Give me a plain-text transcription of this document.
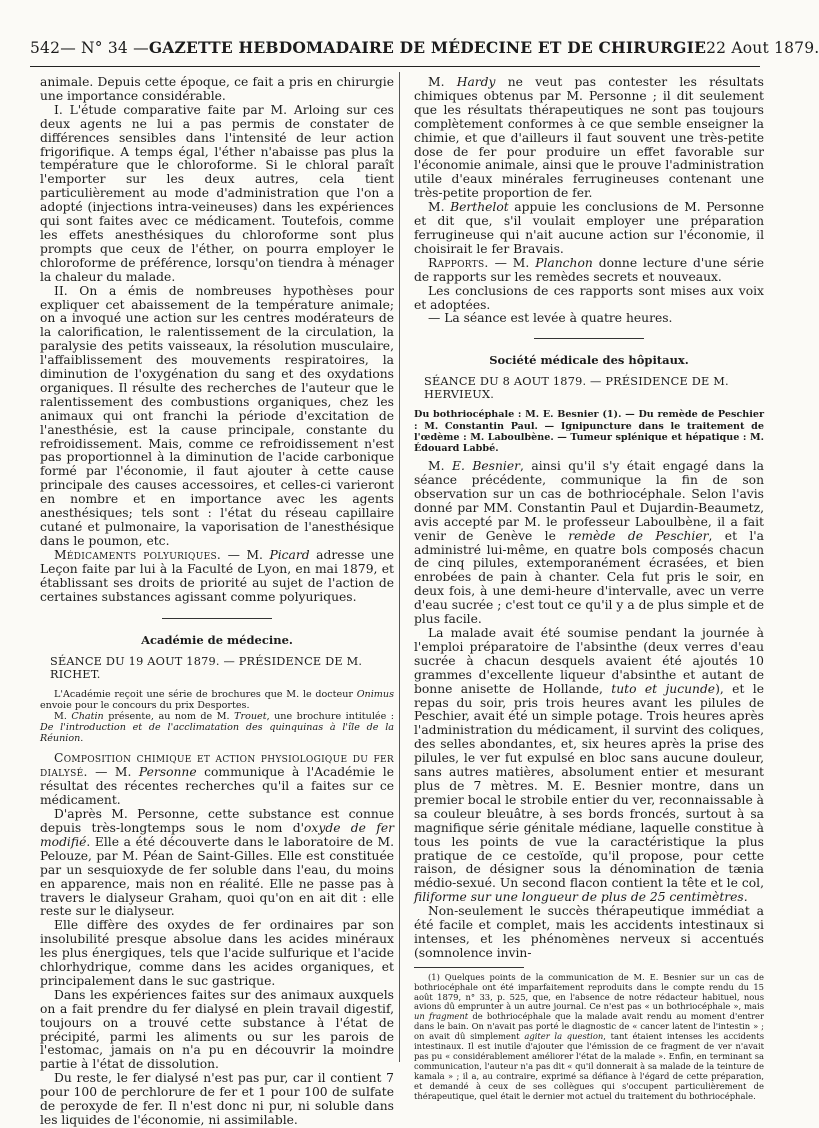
542 — N° 34 — GAZETTE HEBDOMADAIRE DE MÉDECINE ET DE CHIRURGIE 22 Aout 1879.

animale. Depuis cette époque, ce fait a pris en chirurgie une importance considérable.

I. L'étude comparative faite par M. Arloing sur ces deux agents ne lui a pas permis de constater de différences sensibles dans l'intensité de leur action frigorifique. A temps égal, l'éther n'abaisse pas plus la température que le chloroforme. Si le chloral paraît l'emporter sur les deux autres, cela tient particulièrement au mode d'administration que l'on a adopté (injections intra-veineuses) dans les expériences qui sont faites avec ce médicament. Toutefois, comme les effets anesthésiques du chloroforme sont plus prompts que ceux de l'éther, on pourra employer le chloroforme de préférence, lorsqu'on tiendra à ménager la chaleur du malade.

II. On a émis de nombreuses hypothèses pour expliquer cet abaissement de la température animale; on a invoqué une action sur les centres modérateurs de la calorification, le ralentissement de la circulation, la paralysie des petits vaisseaux, la résolution musculaire, l'affaiblissement des mouvements respiratoires, la diminution de l'oxygénation du sang et des oxydations organiques. Il résulte des recherches de l'auteur que le ralentissement des combustions organiques, chez les animaux qui ont franchi la période d'excitation de l'anesthésie, est la cause principale, constante du refroidissement. Mais, comme ce refroidissement n'est pas proportionnel à la diminution de l'acide carbonique formé par l'économie, il faut ajouter à cette cause principale des causes accessoires, et celles-ci varieront en nombre et en importance avec les agents anesthésiques; tels sont : l'état du réseau capillaire cutané et pulmonaire, la vaporisation de l'anesthésique dans le poumon, etc.

Médicaments polyuriques. — M. Picard adresse une Leçon faite par lui à la Faculté de Lyon, en mai 1879, et établissant ses droits de priorité au sujet de l'action de certaines substances agissant comme polyuriques.

Académie de médecine.
SÉANCE DU 19 AOUT 1879. — PRÉSIDENCE DE M. RICHET.

L'Académie reçoit une série de brochures que M. le docteur Onimus envoie pour le concours du prix Desportes.

M. Chatin présente, au nom de M. Trouet, une brochure intitulée : De l'introduction et de l'acclimatation des quinquinas à l'île de la Réunion.

Composition chimique et action physiologique du fer dialysé. — M. Personne communique à l'Académie le résultat des récentes recherches qu'il a faites sur ce médicament.

D'après M. Personne, cette substance est connue depuis très-longtemps sous le nom d'oxyde de fer modifié. Elle a été découverte dans le laboratoire de M. Pelouze, par M. Péan de Saint-Gilles. Elle est constituée par un sesquioxyde de fer soluble dans l'eau, du moins en apparence, mais non en réalité. Elle ne passe pas à travers le dialyseur Graham, quoi qu'on en ait dit : elle reste sur le dialyseur.

Elle diffère des oxydes de fer ordinaires par son insolubilité presque absolue dans les acides minéraux les plus énergiques, tels que l'acide sulfurique et l'acide chlorhydrique, comme dans les acides organiques, et principalement dans le suc gastrique.

Dans les expériences faites sur des animaux auxquels on a fait prendre du fer dialysé en plein travail digestif, toujours on a trouvé cette substance à l'état de précipité, parmi les aliments ou sur les parois de l'estomac, jamais on n'a pu en découvrir la moindre partie à l'état de dissolution.

Du reste, le fer dialysé n'est pas pur, car il contient 7 pour 100 de perchlorure de fer et 1 pour 100 de sulfate de peroxyde de fer. Il n'est donc ni pur, ni soluble dans les liquides de l'économie, ni assimilable.

M. Hardy ne veut pas contester les résultats chimiques obtenus par M. Personne ; il dit seulement que les résultats thérapeutiques ne sont pas toujours complètement conformes à ce que semble enseigner la chimie, et que d'ailleurs il faut souvent une très-petite dose de fer pour produire un effet favorable sur l'économie animale, ainsi que le prouve l'administration utile d'eaux minérales ferrugineuses contenant une très-petite proportion de fer.

M. Berthelot appuie les conclusions de M. Personne et dit que, s'il voulait employer une préparation ferrugineuse qui n'ait aucune action sur l'économie, il choisirait le fer Bravais.

Rapports. — M. Planchon donne lecture d'une série de rapports sur les remèdes secrets et nouveaux.

Les conclusions de ces rapports sont mises aux voix et adoptées.

— La séance est levée à quatre heures.

Société médicale des hôpitaux.
SÉANCE DU 8 AOUT 1879. — PRÉSIDENCE DE M. HERVIEUX.
Du bothriocéphale : M. E. Besnier (1). — Du remède de Peschier : M. Constantin Paul. — Ignipuncture dans le traitement de l'œdème : M. Laboulbène. — Tumeur splénique et hépatique : M. Édouard Labbé.

M. E. Besnier, ainsi qu'il s'y était engagé dans la séance précédente, communique la fin de son observation sur un cas de bothriocéphale. Selon l'avis donné par MM. Constantin Paul et Dujardin-Beaumetz, avis accepté par M. le professeur Laboulbène, il a fait venir de Genève le remède de Peschier, et l'a administré lui-même, en quatre bols composés chacun de cinq pilules, extemporanément écrasées, et bien enrobées de pain à chanter. Cela fut pris le soir, en deux fois, à une demi-heure d'intervalle, avec un verre d'eau sucrée ; c'est tout ce qu'il y a de plus simple et de plus facile.

La malade avait été soumise pendant la journée à l'emploi préparatoire de l'absinthe (deux verres d'eau sucrée à chacun desquels avaient été ajoutés 10 grammes d'excellente liqueur d'absinthe et autant de bonne anisette de Hollande, tuto et jucunde), et le repas du soir, pris trois heures avant les pilules de Peschier, avait été un simple potage. Trois heures après l'administration du médicament, il survint des coliques, des selles abondantes, et, six heures après la prise des pilules, le ver fut expulsé en bloc sans aucune douleur, sans autres matières, absolument entier et mesurant plus de 7 mètres. M. E. Besnier montre, dans un premier bocal le strobile entier du ver, reconnaissable à sa couleur bleuâtre, à ses bords froncés, surtout à sa magnifique série génitale médiane, laquelle constitue à tous les points de vue la caractéristique la plus pratique de ce cestoïde, qu'il propose, pour cette raison, de désigner sous la dénomination de tænia médio-sexué. Un second flacon contient la tête et le col, filiforme sur une longueur de plus de 25 centimètres.

Non-seulement le succès thérapeutique immédiat a été facile et complet, mais les accidents intestinaux si intenses, et les phénomènes nerveux si accentués (somnolence invin-

(1) Quelques points de la communication de M. E. Besnier sur un cas de bothriocéphale ont été imparfaitement reproduits dans le compte rendu du 15 août 1879, n° 33, p. 525, que, en l'absence de notre rédacteur habituel, nous avions dû emprunter à un autre journal. Ce n'est pas « un bothriocéphale », mais un fragment de bothriocéphale que la malade avait rendu au moment d'entrer dans le bain. On n'avait pas porté le diagnostic de « cancer latent de l'intestin » ; on avait dû simplement agiter la question, tant étaient intenses les accidents intestinaux. Il est inutile d'ajouter que l'émission de ce fragment de ver n'avait pas pu « considérablement améliorer l'état de la malade ». Enfin, en terminant sa communication, l'auteur n'a pas dit « qu'il donnerait à sa malade de la teinture de kamala » ; il a, au contraire, exprimé sa défiance à l'égard de cette préparation, et demandé à ceux de ses collègues qui s'occupent particulièrement de thérapeutique, quel était le dernier mot actuel du traitement du bothriocéphale.
